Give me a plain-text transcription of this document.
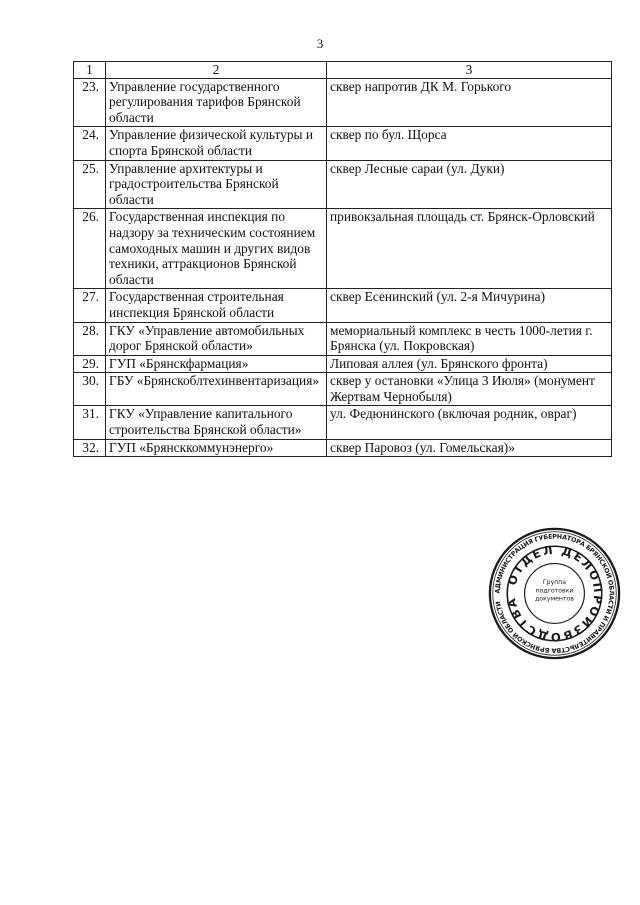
3
1	2	3
23.	Управление государственного регулирования тарифов Брянской области	сквер напротив ДК М. Горького
24.	Управление физической культуры и спорта Брянской области	сквер по бул. Щорса
25.	Управление архитектуры и градостроительства Брянской области	сквер Лесные сараи (ул. Дуки)
26.	Государственная инспекция по надзору за техническим состоянием самоходных машин и других видов техники, аттракционов Брянской области	привокзальная площадь ст. Брянск-Орловский
27.	Государственная строительная инспекция Брянской области	сквер Есенинский (ул. 2-я Мичурина)
28.	ГКУ «Управление автомобильных дорог Брянской области»	мемориальный комплекс в честь 1000-летия г. Брянска (ул. Покровская)
29.	ГУП «Брянскфармация»	Липовая аллея (ул. Брянского фронта)
30.	ГБУ «Брянскоблтехинвентаризация»	сквер у остановки «Улица 3 Июля» (монумент Жертвам Чернобыля)
31.	ГКУ «Управление капитального строительства Брянской области»	ул. Федюнинского (включая родник, овраг)
32.	ГУП «Брянсккоммунэнерго»	сквер Паровоз (ул. Гомельская)»
АДМИНИСТРАЦИЯ ГУБЕРНАТОРА БРЯНСКОЙ ОБЛАСТИ И ПРАВИТЕЛЬСТВА БРЯНСКОЙ ОБЛАСТИ
ОТДЕЛ ДЕЛОПРОИЗВОДСТВА
Группа подготовки документов
